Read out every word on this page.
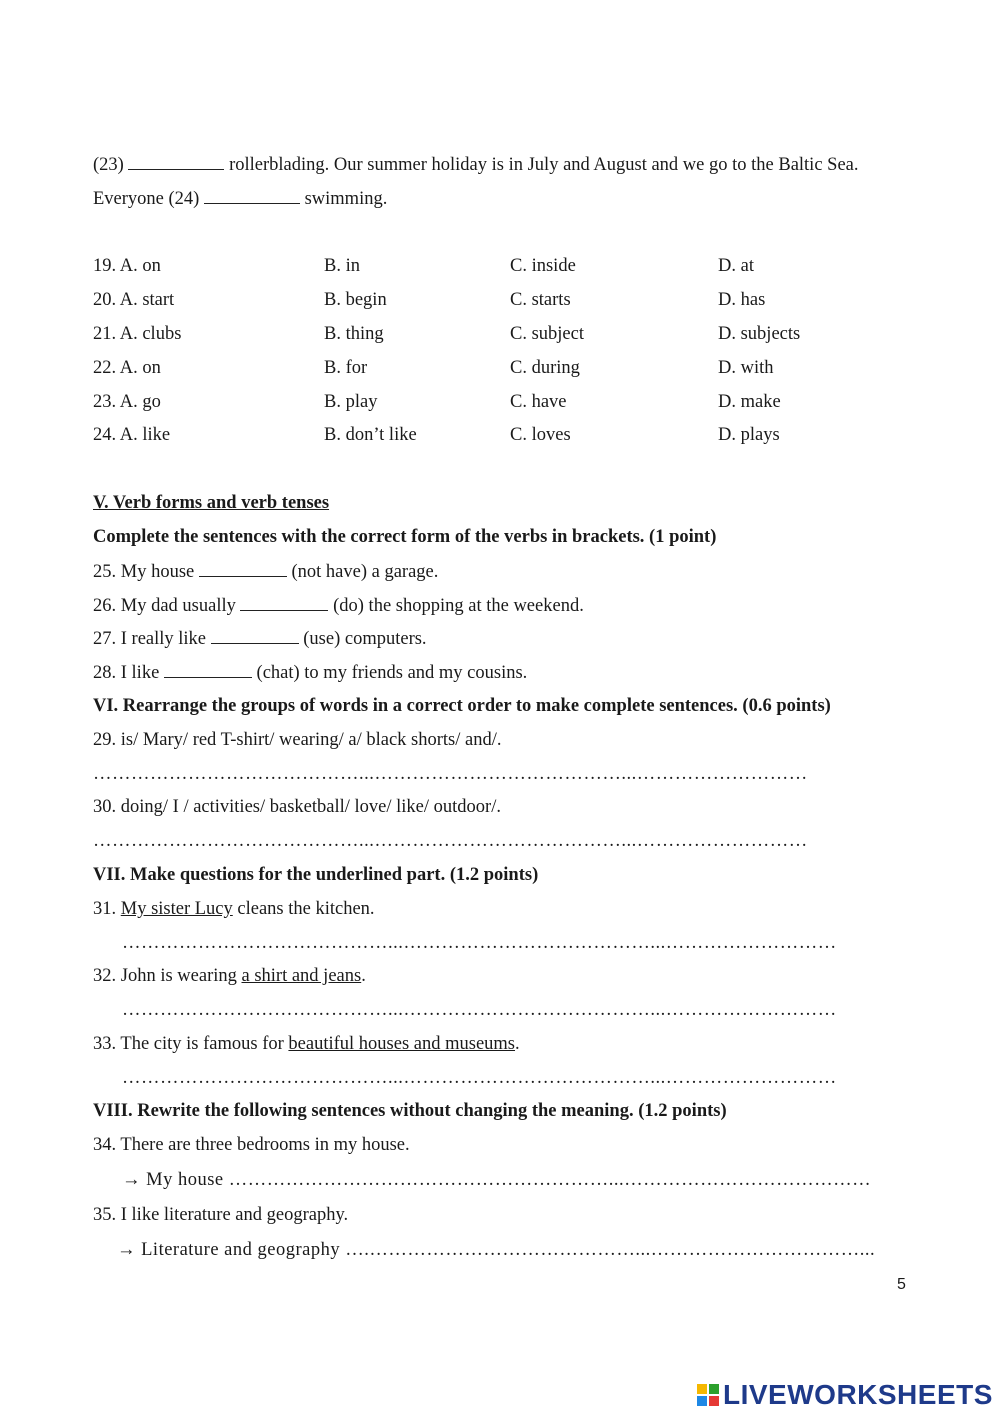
(23)	rollerblading. Our summer holiday is in July and August and we go to the Baltic Sea.
Everyone (24)	swimming.
19. A. on	B. in	C. inside	D. at
20. A. start	B. begin	C. starts	D. has
21. A. clubs	B. thing	C. subject	D. subjects
22. A. on	B. for	C. during	D. with
23. A. go	B. play	C. have	D. make
24. A. like	B. don’t like	C. loves	D. plays
V. Verb forms and verb tenses
Complete the sentences with the correct form of the verbs in brackets. (1 point)
25. My house	(not have) a garage.
26. My dad usually	(do) the shopping at the weekend.
27. I really like	(use) computers.
28. I like	(chat) to my friends and my cousins.
VI. Rearrange the groups of words in a correct order to make complete sentences. (0.6 points)
29. is/ Mary/ red T-shirt/ wearing/ a/ black shorts/ and/.
……………………………………...…………………………………...………………………
30. doing/ I / activities/ basketball/ love/ like/ outdoor/.
……………………………………...…………………………………...………………………
VII. Make questions for the underlined part. (1.2 points)
31. My sister Lucy cleans the kitchen.
……………………………………...…………………………………...………………………
32. John is wearing a shirt and jeans.
……………………………………...…………………………………...………………………
33. The city is famous for beautiful houses and museums.
……………………………………...…………………………………...………………………
VIII. Rewrite the following sentences without changing the meaning. (1.2 points)
34. There are three bedrooms in my house.
→ My house ……………………………………………………...…………………………………
35. I like literature and geography.
→ Literature and geography ….……………………………………...……………………………...
5
LIVEWORKSHEETS
